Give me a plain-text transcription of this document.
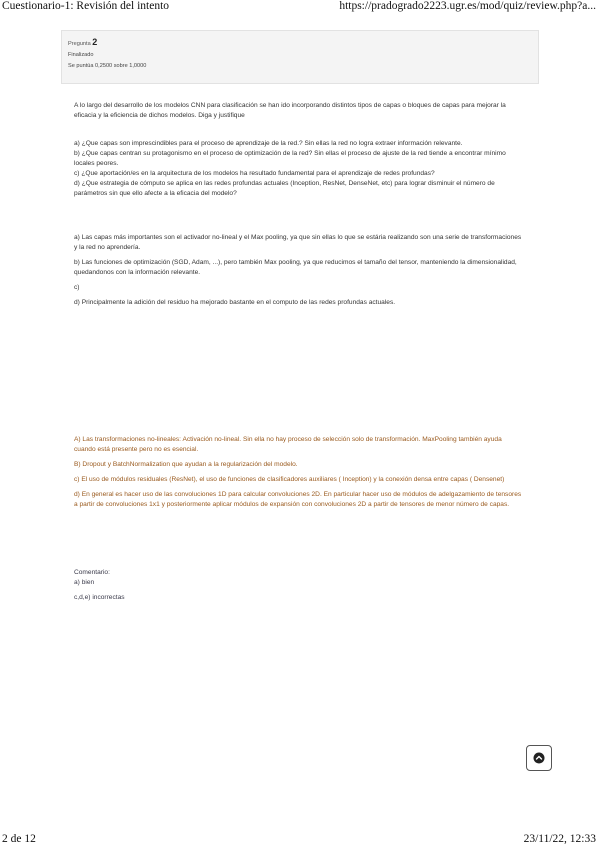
Cuestionario-1: Revisión del intento	https://pradogrado2223.ugr.es/mod/quiz/review.php?a...
Pregunta 2
Finalizado
Se puntúa 0,2500 sobre 1,0000

A lo largo del desarrollo de los modelos CNN para clasificación se han ido incorporando distintos tipos de capas o bloques de capas para mejorar la eficacia y la eficiencia de dichos modelos. Diga y justifique

a) ¿Que capas son imprescindibles para el proceso de aprendizaje de la red.? Sin ellas la red no logra extraer información relevante.

b) ¿Que capas centran su protagonismo en el proceso de optimización de la red? Sin ellas el proceso de ajuste de la red tiende a encontrar mínimo locales peores.

c) ¿Que aportación/es en la arquitectura de los modelos ha resultado fundamental para el aprendizaje de redes profundas?

d) ¿Que estrategia de cómputo se aplica en las redes profundas actuales (Inception, ResNet, DenseNet, etc) para lograr disminuir el número de parámetros sin que ello afecte a la eficacia del modelo?

a) Las capas más importantes son el activador no-lineal y el Max pooling, ya que sin ellas lo que se estária realizando son una serie de transformaciones y la red no aprendería.

b) Las funciones de optimización (SGD, Adam, ...), pero también Max pooling, ya que reducimos el tamaño del tensor, manteniendo la dimensionalidad, quedandonos con la información relevante.

c)

d) Principalmente la adición del residuo ha mejorado bastante en el computo de las redes profundas actuales.

A) Las transformaciones no-lineales: Activación no-lineal. Sin ella no hay proceso de selección solo de transformación. MaxPooling también ayuda cuando está presente pero no es esencial.

B) Dropout y BatchNormalization que ayudan a la regularización del modelo.

c) El uso de módulos residuales (ResNet), el uso de funciones de clasificadores auxiliares ( Inception) y la conexión densa entre capas ( Densenet)

d) En general es hacer uso de las convoluciones 1D para calcular convoluciones 2D. En particular hacer uso de módulos de adelgazamiento de tensores a partir de convoluciones 1x1 y posteriormente aplicar módulos de expansión con convoluciones 2D a partir de tensores de menor número de capas.

Comentario:

a) bien

c,d,e) incorrectas

2 de 12	23/11/22, 12:33
